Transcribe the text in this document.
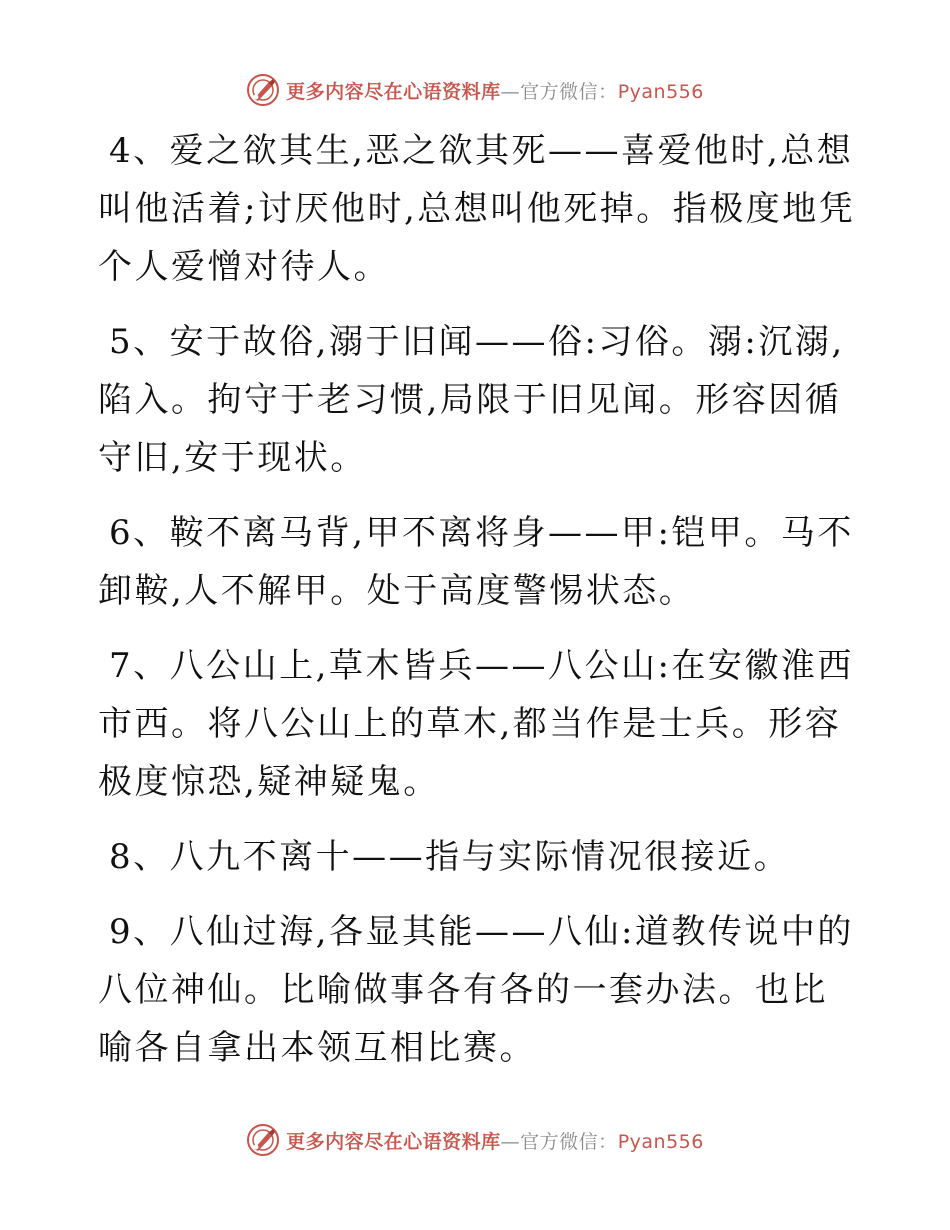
更多内容尽在心语资料库—官方微信：Pyan556

4、爱之欲其生,恶之欲其死——喜爱他时,总想叫他活着;讨厌他时,总想叫他死掉。指极度地凭个人爱憎对待人。

5、安于故俗,溺于旧闻——俗:习俗。溺:沉溺,陷入。拘守于老习惯,局限于旧见闻。形容因循守旧,安于现状。

6、鞍不离马背,甲不离将身——甲:铠甲。马不卸鞍,人不解甲。处于高度警惕状态。

7、八公山上,草木皆兵——八公山:在安徽淮西市西。将八公山上的草木,都当作是士兵。形容极度惊恐,疑神疑鬼。

8、八九不离十——指与实际情况很接近。

9、八仙过海,各显其能——八仙:道教传说中的八位神仙。比喻做事各有各的一套办法。也比喻各自拿出本领互相比赛。

更多内容尽在心语资料库—官方微信：Pyan556
